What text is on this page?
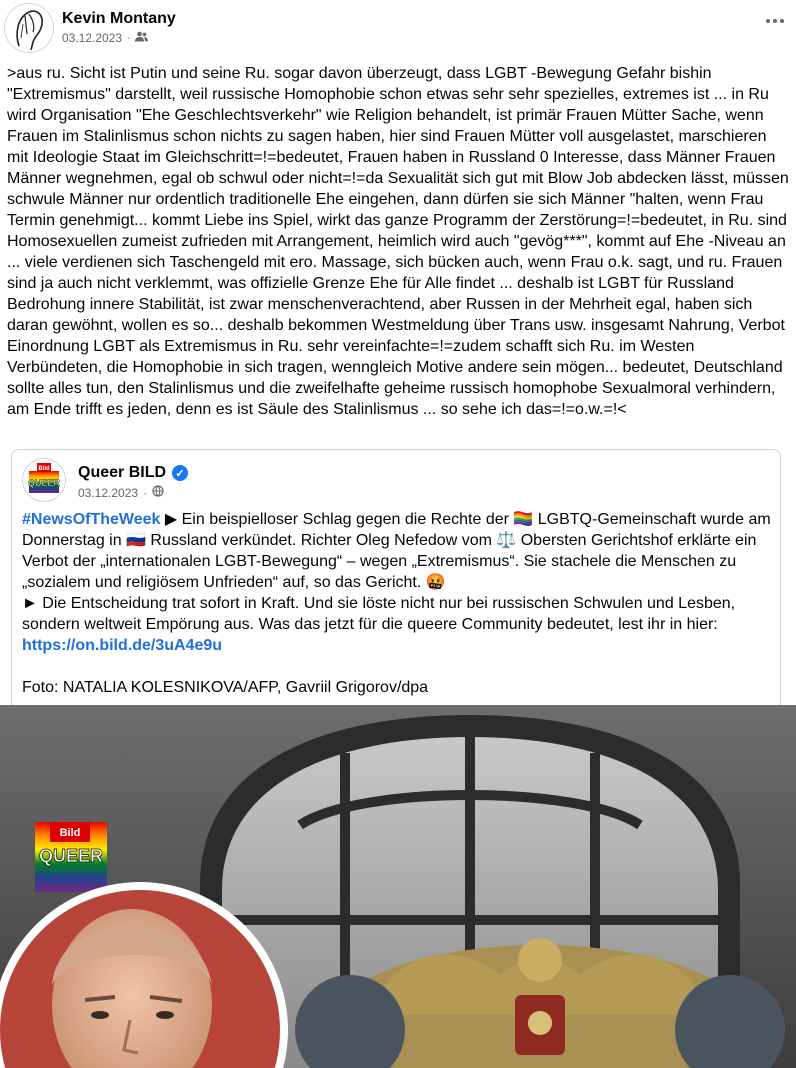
Kevin Montany
03.12.2023 ·

>aus ru. Sicht ist Putin und seine Ru. sogar davon überzeugt, dass LGBT -Bewegung Gefahr bishin "Extremismus" darstellt, weil russische Homophobie schon etwas sehr sehr spezielles, extremes ist ... in Ru wird Organisation "Ehe Geschlechtsverkehr" wie Religion behandelt, ist primär Frauen Mütter Sache, wenn Frauen im Stalinlismus schon nichts zu sagen haben, hier sind Frauen Mütter voll ausgelastet, marschieren mit Ideologie Staat im Gleichschritt=!=bedeutet, Frauen haben in Russland 0 Interesse, dass Männer Frauen Männer wegnehmen, egal ob schwul oder nicht=!=da Sexualität sich gut mit Blow Job abdecken lässt, müssen schwule Männer nur ordentlich traditionelle Ehe eingehen, dann dürfen sie sich Männer "halten, wenn Frau Termin genehmigt... kommt Liebe ins Spiel, wirkt das ganze Programm der Zerstörung=!=bedeutet, in Ru. sind Homosexuellen zumeist zufrieden mit Arrangement, heimlich wird auch "gevög***", kommt auf Ehe -Niveau an ... viele verdienen sich Taschengeld mit ero. Massage, sich bücken auch, wenn Frau o.k. sagt, und ru. Frauen sind ja auch nicht verklemmt, was offizielle Grenze Ehe für Alle findet ... deshalb ist LGBT für Russland Bedrohung innere Stabilität, ist zwar menschenverachtend, aber Russen in der Mehrheit egal, haben sich daran gewöhnt, wollen es so... deshalb bekommen Westmeldung über Trans usw. insgesamt Nahrung, Verbot Einordnung LGBT als Extremismus in Ru. sehr vereinfachte=!=zudem schafft sich Ru. im Westen Verbündeten, die Homophobie in sich tragen, wenngleich Motive andere sein mögen... bedeutet, Deutschland sollte alles tun, den Stalinlismus und die zweifelhafte geheime russisch homophobe Sexualmoral verhindern, am Ende trifft es jeden, denn es ist Säule des Stalinlismus ... so sehe ich das=!=o.w.=!<

Bild
QUEER
Queer BILD ✓
03.12.2023 ·

#NewsOfTheWeek ▶ Ein beispielloser Schlag gegen die Rechte der 🏳️‍🌈 LGBTQ-Gemeinschaft wurde am Donnerstag in 🇷🇺 Russland verkündet. Richter Oleg Nefedow vom ⚖️ Obersten Gerichtshof erklärte ein Verbot der „internationalen LGBT-Bewegung“ – wegen „Extremismus“. Sie stachele die Menschen zu „sozialem und religiösem Unfrieden“ auf, so das Gericht. 🤬

► Die Entscheidung trat sofort in Kraft. Und sie löste nicht nur bei russischen Schwulen und Lesben, sondern weltweit Empörung aus. Was das jetzt für die queere Community bedeutet, lest ihr in hier: https://on.bild.de/3uA4e9u

Foto: NATALIA KOLESNIKOVA/AFP, Gavriil Grigorov/dpa

Bild
QUEER
